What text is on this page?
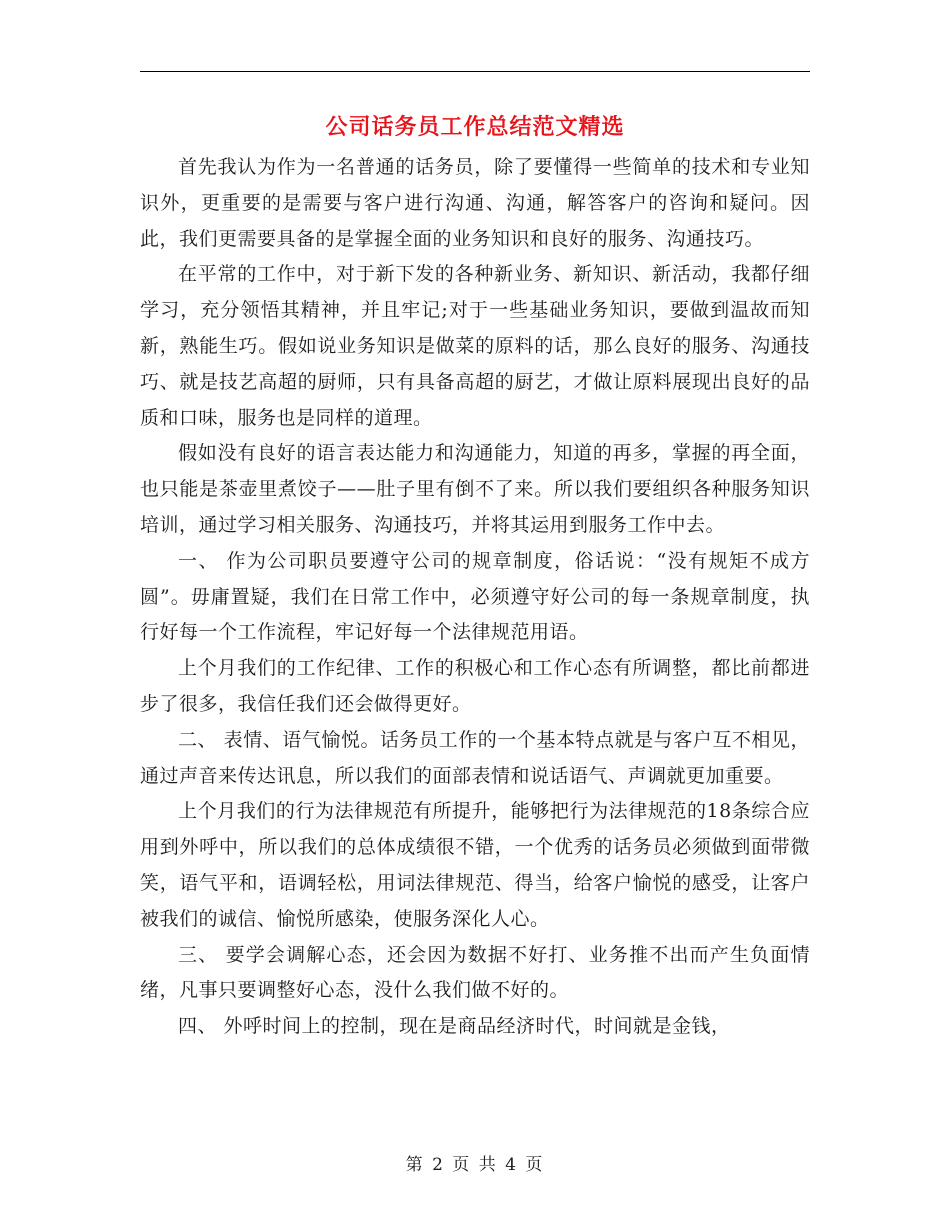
公司话务员工作总结范文精选

首先我认为作为一名普通的话务员，除了要懂得一些简单的技术和专业知识外，更重要的是需要与客户进行沟通、沟通，解答客户的咨询和疑问。因此，我们更需要具备的是掌握全面的业务知识和良好的服务、沟通技巧。

在平常的工作中，对于新下发的各种新业务、新知识、新活动，我都仔细学习，充分领悟其精神，并且牢记;对于一些基础业务知识，要做到温故而知新，熟能生巧。假如说业务知识是做菜的原料的话，那么良好的服务、沟通技巧、就是技艺高超的厨师，只有具备高超的厨艺，才做让原料展现出良好的品质和口味，服务也是同样的道理。

假如没有良好的语言表达能力和沟通能力，知道的再多，掌握的再全面，也只能是茶壶里煮饺子——肚子里有倒不了来。所以我们要组织各种服务知识培训，通过学习相关服务、沟通技巧，并将其运用到服务工作中去。

一、 作为公司职员要遵守公司的规章制度，俗话说：“没有规矩不成方圆”。毋庸置疑，我们在日常工作中，必须遵守好公司的每一条规章制度，执行好每一个工作流程，牢记好每一个法律规范用语。

上个月我们的工作纪律、工作的积极心和工作心态有所调整，都比前都进步了很多，我信任我们还会做得更好。

二、 表情、语气愉悦。话务员工作的一个基本特点就是与客户互不相见，通过声音来传达讯息，所以我们的面部表情和说话语气、声调就更加重要。

上个月我们的行为法律规范有所提升，能够把行为法律规范的18条综合应用到外呼中，所以我们的总体成绩很不错，一个优秀的话务员必须做到面带微笑，语气平和，语调轻松，用词法律规范、得当，给客户愉悦的感受，让客户被我们的诚信、愉悦所感染，使服务深化人心。

三、 要学会调解心态，还会因为数据不好打、业务推不出而产生负面情绪，凡事只要调整好心态，没什么我们做不好的。

四、 外呼时间上的控制，现在是商品经济时代，时间就是金钱，

第 2 页 共 4 页
